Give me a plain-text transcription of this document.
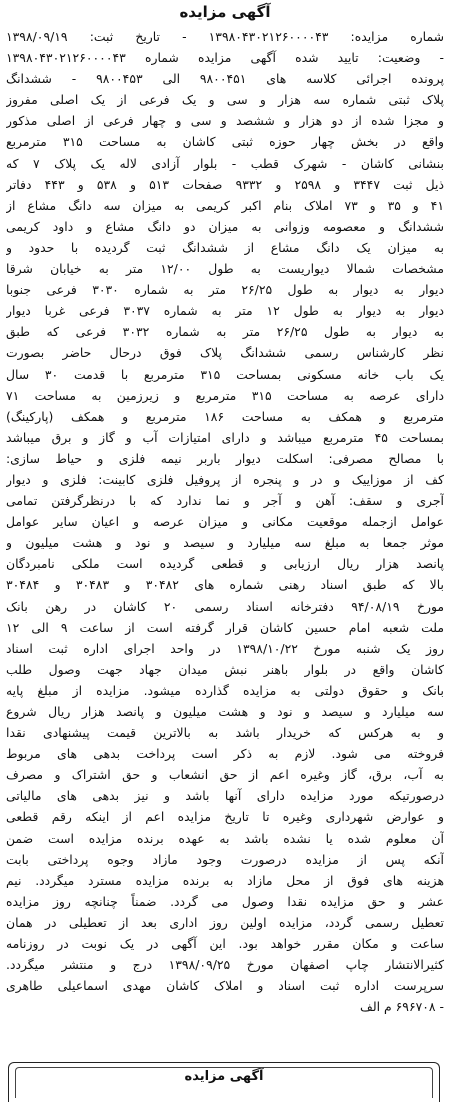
آگهی مزایده
شماره مزایده: ۱۳۹۸۰۴۳۰۲۱۲۶۰۰۰۰۴۳ - تاریخ ثبت: ۱۳۹۸/۰۹/۱۹
- وضعیت: تایید شده آگهی مزایده شماره ۱۳۹۸۰۴۳۰۲۱۲۶۰۰۰۰۴۳
پرونده اجرائی کلاسه های ۹۸۰۰۴۵۱ الی ۹۸۰۰۴۵۳ - ششدانگ
پلاک ثبتی شماره سه هزار و سی و یک فرعی از یک اصلی مفروز
و مجزا شده از دو هزار و ششصد و سی و چهار فرعی از اصلی مذکور
واقع در بخش چهار حوزه ثبتی کاشان به مساحت ۳۱۵ مترمربع
بنشانی کاشان - شهرک قطب - بلوار آزادی لاله یک پلاک ۷ که
ذیل ثبت ۳۴۴۷ و ۲۵۹۸ و ۹۳۳۲ صفحات ۵۱۳ و ۵۳۸ و ۴۴۳ دفاتر
۴۱ و ۳۵ و ۷۳ املاک بنام اکبر کریمی به میزان سه دانگ مشاع از
ششدانگ و معصومه وزوانی به میزان دو دانگ مشاع و داود کریمی
به میزان یک دانگ مشاع از ششدانگ ثبت گردیده با حدود و
مشخصات شمالا دیواریست به طول ۱۲/۰۰ متر به خیابان شرقا
دیوار به دیوار به طول ۲۶/۲۵ متر به شماره ۳۰۳۰ فرعی جنوبا
دیوار به دیوار به طول ۱۲ متر به شماره ۳۰۳۷ فرعی غربا دیوار
به دیوار به طول ۲۶/۲۵ متر به شماره ۳۰۳۲ فرعی که طبق
نظر کارشناس رسمی ششدانگ پلاک فوق درحال حاضر بصورت
یک باب خانه مسکونی بمساحت ۳۱۵ مترمربع با قدمت ۳۰ سال
دارای عرصه به مساحت ۳۱۵ مترمربع و زیرزمین به مساحت ۷۱
مترمربع و همکف به مساحت ۱۸۶ مترمربع و همکف (پارکینگ)
بمساحت ۴۵ مترمربع میباشد و دارای امتیازات آب و گاز و برق میباشد
با مصالح مصرفی: اسکلت دیوار باربر نیمه فلزی و حیاط سازی:
کف از موزاییک و در و پنجره از پروفیل فلزی کابینت: فلزی و دیوار
آجری و سقف: آهن و آجر و نما ندارد که با درنظرگرفتن تمامی
عوامل ازجمله موقعیت مکانی و میزان عرصه و اعیان سایر عوامل
موثر جمعا به مبلغ سه میلیارد و سیصد و نود و هشت میلیون و
پانصد هزار ریال ارزیابی و قطعی گردیده است ملکی نامبردگان
بالا که طبق اسناد رهنی شماره های ۳۰۴۸۲ و ۳۰۴۸۳ و ۳۰۴۸۴
مورخ ۹۴/۰۸/۱۹ دفترخانه اسناد رسمی ۲۰ کاشان در رهن بانک
ملت شعبه امام حسین کاشان قرار گرفته است از ساعت ۹ الی ۱۲
روز یک شنبه مورخ ۱۳۹۸/۱۰/۲۲ در واحد اجرای اداره ثبت اسناد
کاشان واقع در بلوار باهنر نبش میدان جهاد جهت وصول طلب
بانک و حقوق دولتی به مزایده گذارده میشود. مزایده از مبلغ پایه
سه میلیارد و سیصد و نود و هشت میلیون و پانصد هزار ریال شروع
و به هرکس که خریدار باشد به بالاترین قیمت پیشنهادی نقدا
فروخته می شود. لازم به ذکر است پرداخت بدهی های مربوط
به آب، برق، گاز وغیره اعم از حق انشعاب و حق اشتراک و مصرف
درصورتیکه مورد مزایده دارای آنها باشد و نیز بدهی های مالیاتی
و عوارض شهرداری وغیره تا تاریخ مزایده اعم از اینکه رقم قطعی
آن معلوم شده یا نشده باشد به عهده برنده مزایده است ضمن
آنکه پس از مزایده درصورت وجود مازاد وجوه پرداختی بابت
هزینه های فوق از محل مازاد به برنده مزایده مسترد میگردد. نیم
عشر و حق مزایده نقدا وصول می گردد. ضمناً چنانچه روز مزایده
تعطیل رسمی گردد، مزایده اولین روز اداری بعد از تعطیلی در همان
ساعت و مکان مقرر خواهد بود. این آگهی در یک نوبت در روزنامه
کثیرالانتشار چاپ اصفهان مورخ ۱۳۹۸/۰۹/۲۵ درج و منتشر میگردد.
سرپرست اداره ثبت اسناد و املاک کاشان مهدی اسماعیلی طاهری
- ۶۹۶۷۰۸ م الف
آگهی مزایده
